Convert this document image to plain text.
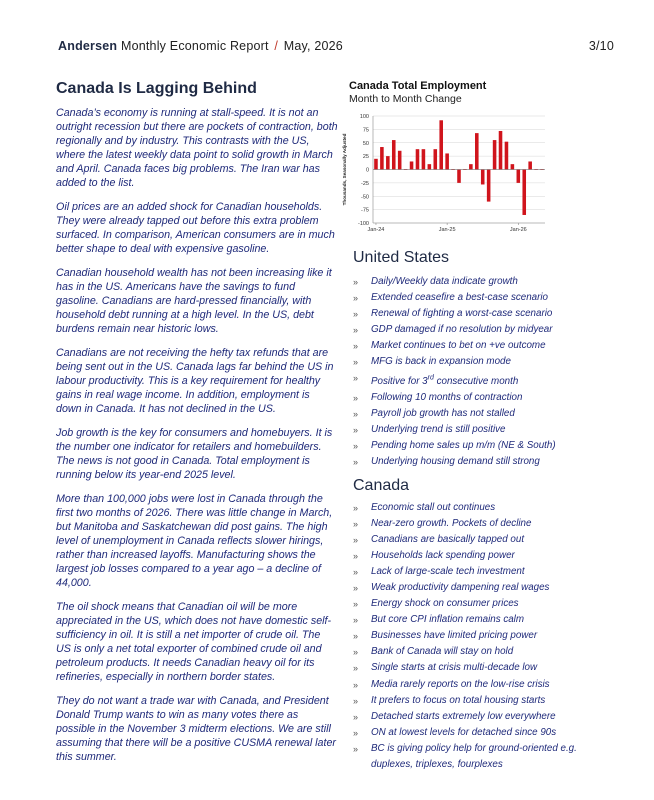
Andersen Monthly Economic Report / May, 2026	3/10
Canada Is Lagging Behind

Canada’s economy is running at stall-speed. It is not an outright recession but there are pockets of contraction, both regionally and by industry. This contrasts with the US, where the latest weekly data point to solid growth in March and April. Canada faces big problems. The Iran war has added to the list.

Oil prices are an added shock for Canadian households. They were already tapped out before this extra problem surfaced. In comparison, American consumers are in much better shape to deal with expensive gasoline.

Canadian household wealth has not been increasing like it has in the US. Americans have the savings to fund gasoline. Canadians are hard-pressed financially, with household debt running at a high level. In the US, debt burdens remain near historic lows.

Canadians are not receiving the hefty tax refunds that are being sent out in the US. Canada lags far behind the US in labour productivity. This is a key requirement for healthy gains in real wage income. In addition, employment is down in Canada. It has not declined in the US.

Job growth is the key for consumers and homebuyers. It is the number one indicator for retailers and homebuilders. The news is not good in Canada. Total employment is running below its year-end 2025 level.

More than 100,000 jobs were lost in Canada through the first two months of 2026. There was little change in March, but Manitoba and Saskatchewan did post gains. The high level of unemployment in Canada reflects slower hirings, rather than increased layoffs. Manufacturing shows the largest job losses compared to a year ago – a decline of 44,000.

The oil shock means that Canadian oil will be more appreciated in the US, which does not have domestic self-sufficiency in oil. It is still a net importer of crude oil. The US is only a net total exporter of combined crude oil and petroleum products. It needs Canadian heavy oil for its refineries, especially in northern border states.

They do not want a trade war with Canada, and President Donald Trump wants to win as many votes there as possible in the November 3 midterm elections. We are still assuming that there will be a positive CUSMA renewal later this summer.

Canada Total Employment
Month to Month Change
100
75
50
25
0
-25
-50
-75
-100
Thousands, Seasonally Adjusted
Jan-24	Jan-25	Jan-26
United States
» Daily/Weekly data indicate growth
» Extended ceasefire a best-case scenario
» Renewal of fighting a worst-case scenario
» GDP damaged if no resolution by midyear
» Market continues to bet on +ve outcome
» MFG is back in expansion mode
» Positive for 3rd consecutive month
» Following 10 months of contraction
» Payroll job growth has not stalled
» Underlying trend is still positive
» Pending home sales up m/m (NE & South)
» Underlying housing demand still strong
Canada
» Economic stall out continues
» Near-zero growth. Pockets of decline
» Canadians are basically tapped out
» Households lack spending power
» Lack of large-scale tech investment
» Weak productivity dampening real wages
» Energy shock on consumer prices
» But core CPI inflation remains calm
» Businesses have limited pricing power
» Bank of Canada will stay on hold
» Single starts at crisis multi-decade low
» Media rarely reports on the low-rise crisis
» It prefers to focus on total housing starts
» Detached starts extremely low everywhere
» ON at lowest levels for detached since 90s
» BC is giving policy help for ground-oriented e.g. duplexes, triplexes, fourplexes
